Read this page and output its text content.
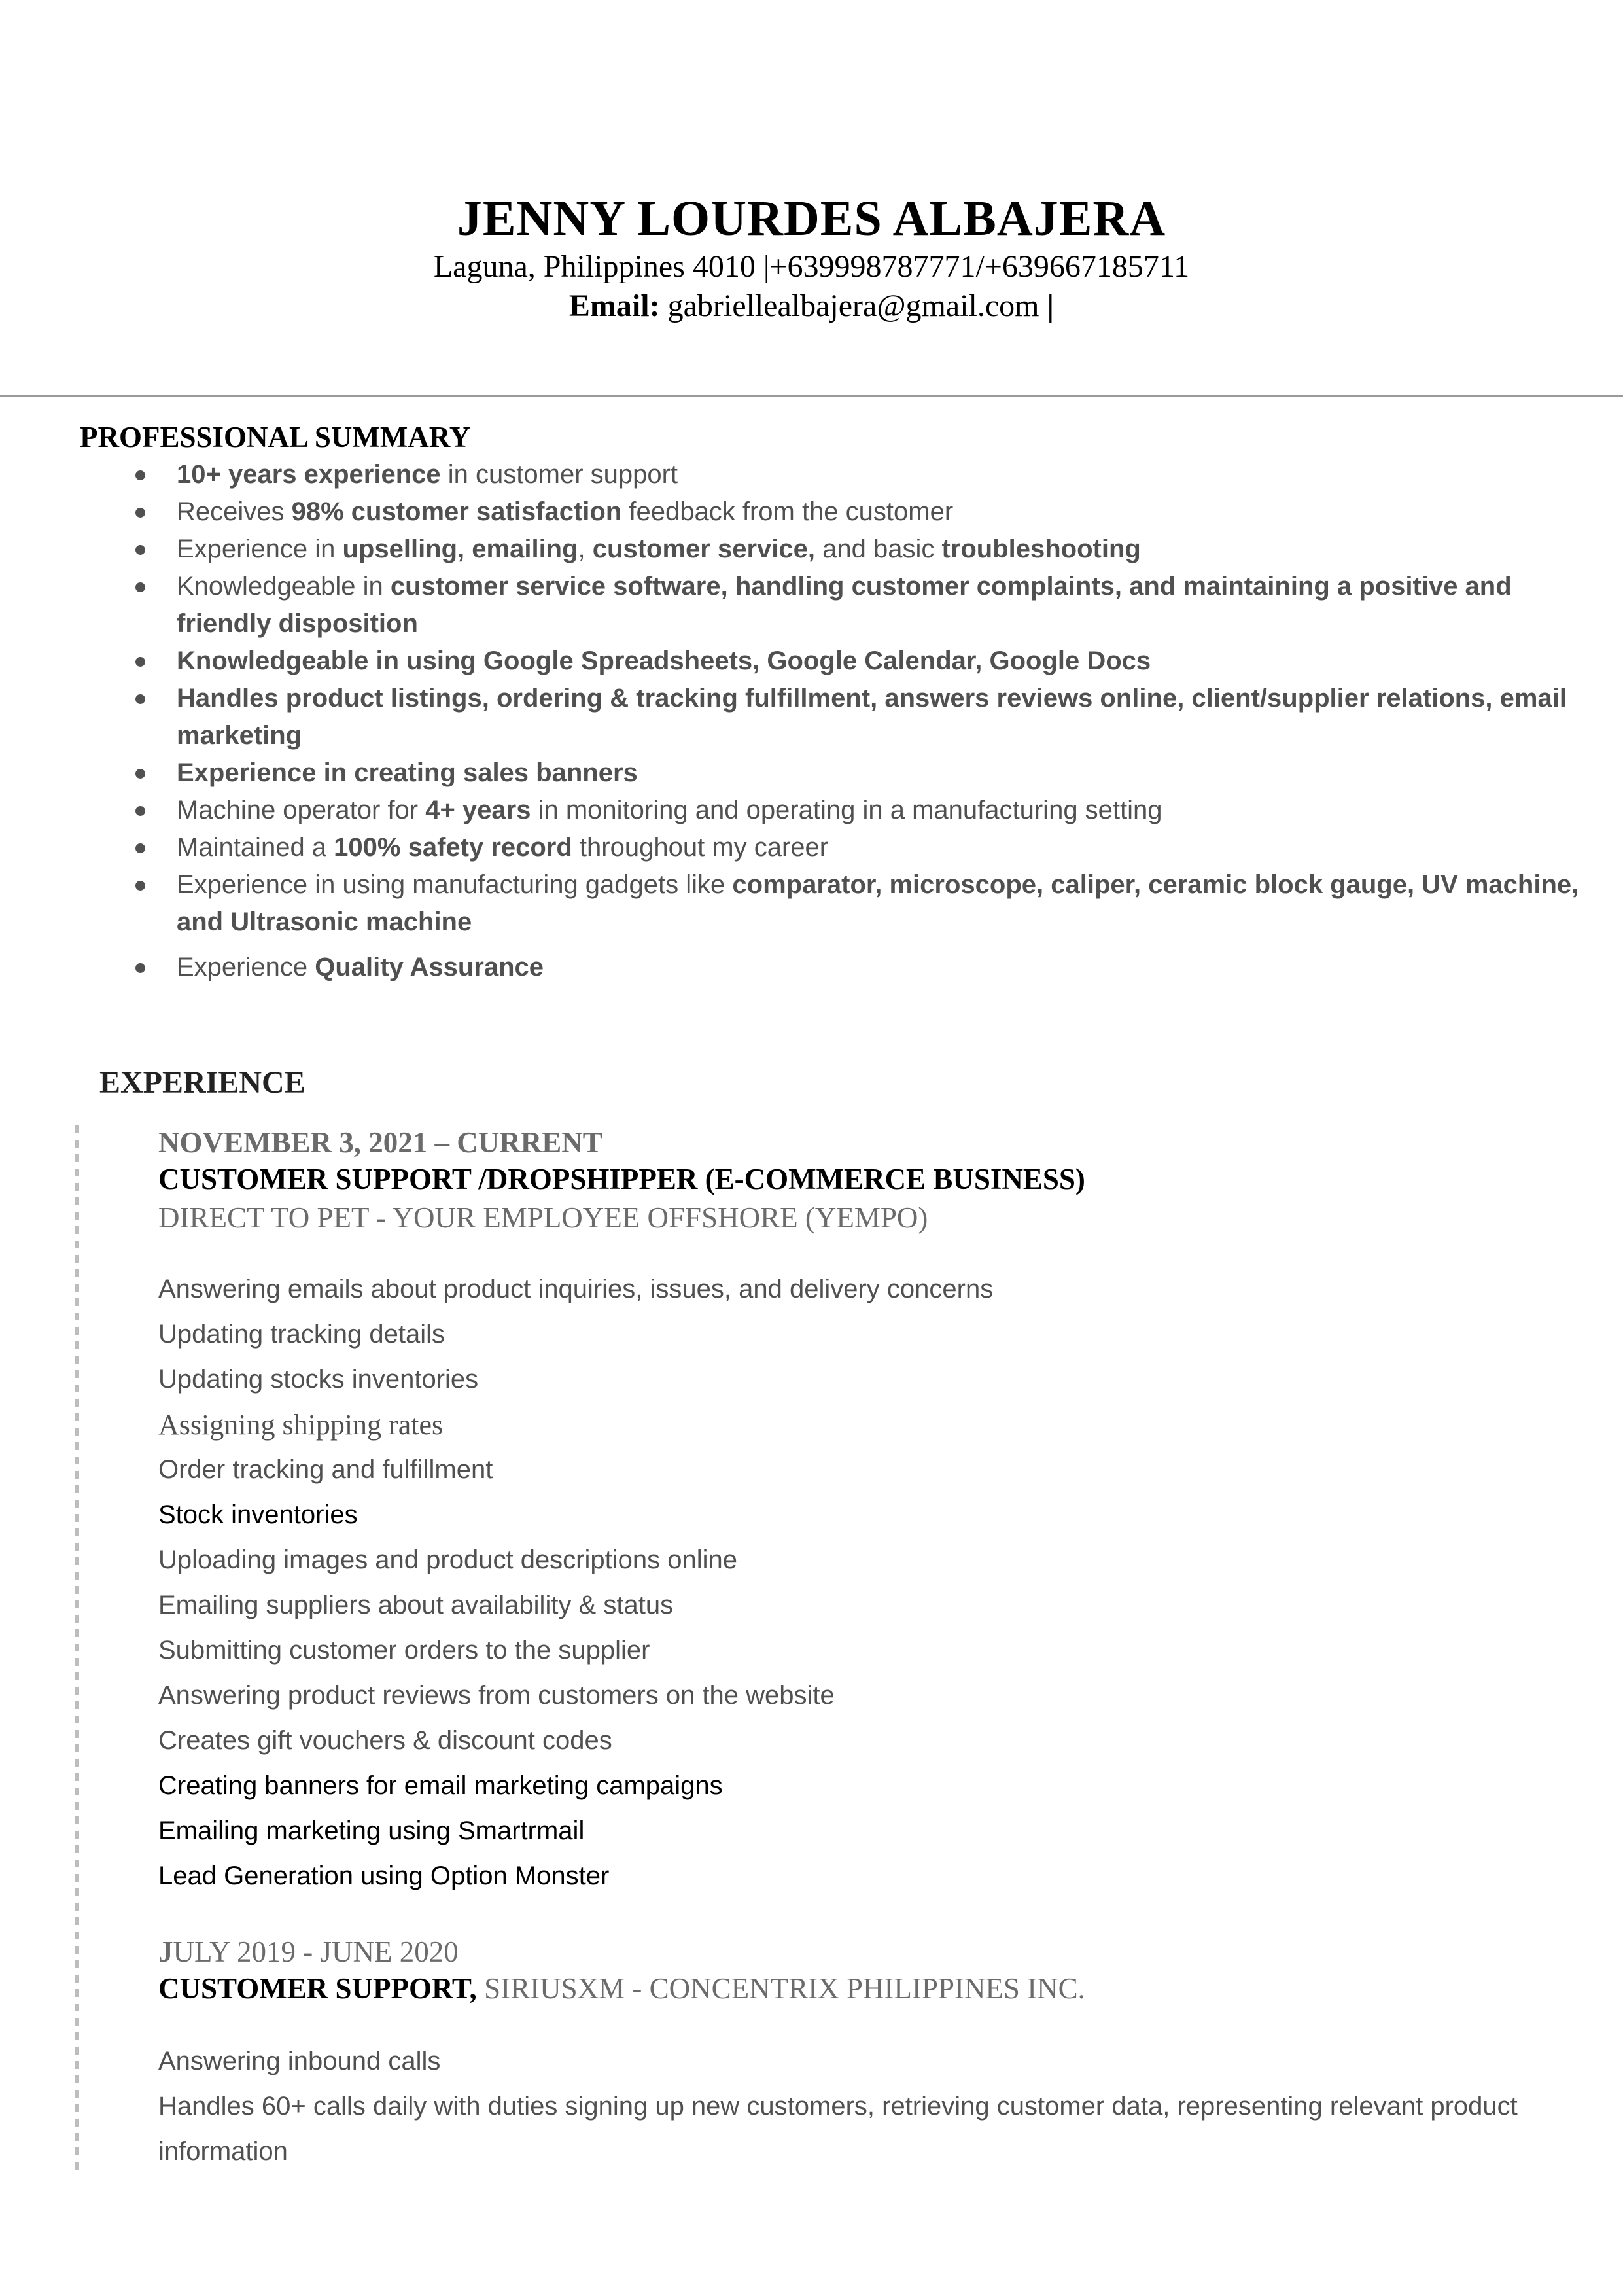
JENNY LOURDES ALBAJERA
Laguna, Philippines 4010 |+639998787771/+639667185711
Email: gabriellealbajera@gmail.com |
PROFESSIONAL SUMMARY
10+ years experience in customer support
Receives 98% customer satisfaction feedback from the customer
Experience in upselling, emailing, customer service, and basic troubleshooting
Knowledgeable in customer service software, handling customer complaints, and maintaining a positive and friendly disposition
Knowledgeable in using Google Spreadsheets, Google Calendar, Google Docs
Handles product listings, ordering & tracking fulfillment, answers reviews online, client/supplier relations, email marketing
Experience in creating sales banners
Machine operator for 4+ years in monitoring and operating in a manufacturing setting
Maintained a 100% safety record throughout my career
Experience in using manufacturing gadgets like comparator, microscope, caliper, ceramic block gauge, UV machine, and Ultrasonic machine
Experience Quality Assurance
EXPERIENCE
NOVEMBER 3, 2021 – CURRENT
CUSTOMER SUPPORT /DROPSHIPPER (E-COMMERCE BUSINESS)
DIRECT TO PET - YOUR EMPLOYEE OFFSHORE (YEMPO)
Answering emails about product inquiries, issues, and delivery concerns
Updating tracking details
Updating stocks inventories
Assigning shipping rates
Order tracking and fulfillment
Stock inventories
Uploading images and product descriptions online
Emailing suppliers about availability & status
Submitting customer orders to the supplier
Answering product reviews from customers on the website
Creates gift vouchers & discount codes
Creating banners for email marketing campaigns
Emailing marketing using Smartrmail
Lead Generation using Option Monster
JULY 2019 - JUNE 2020
CUSTOMER SUPPORT, SIRIUSXM - CONCENTRIX PHILIPPINES INC.
Answering inbound calls
Handles 60+ calls daily with duties signing up new customers, retrieving customer data, representing relevant product information
